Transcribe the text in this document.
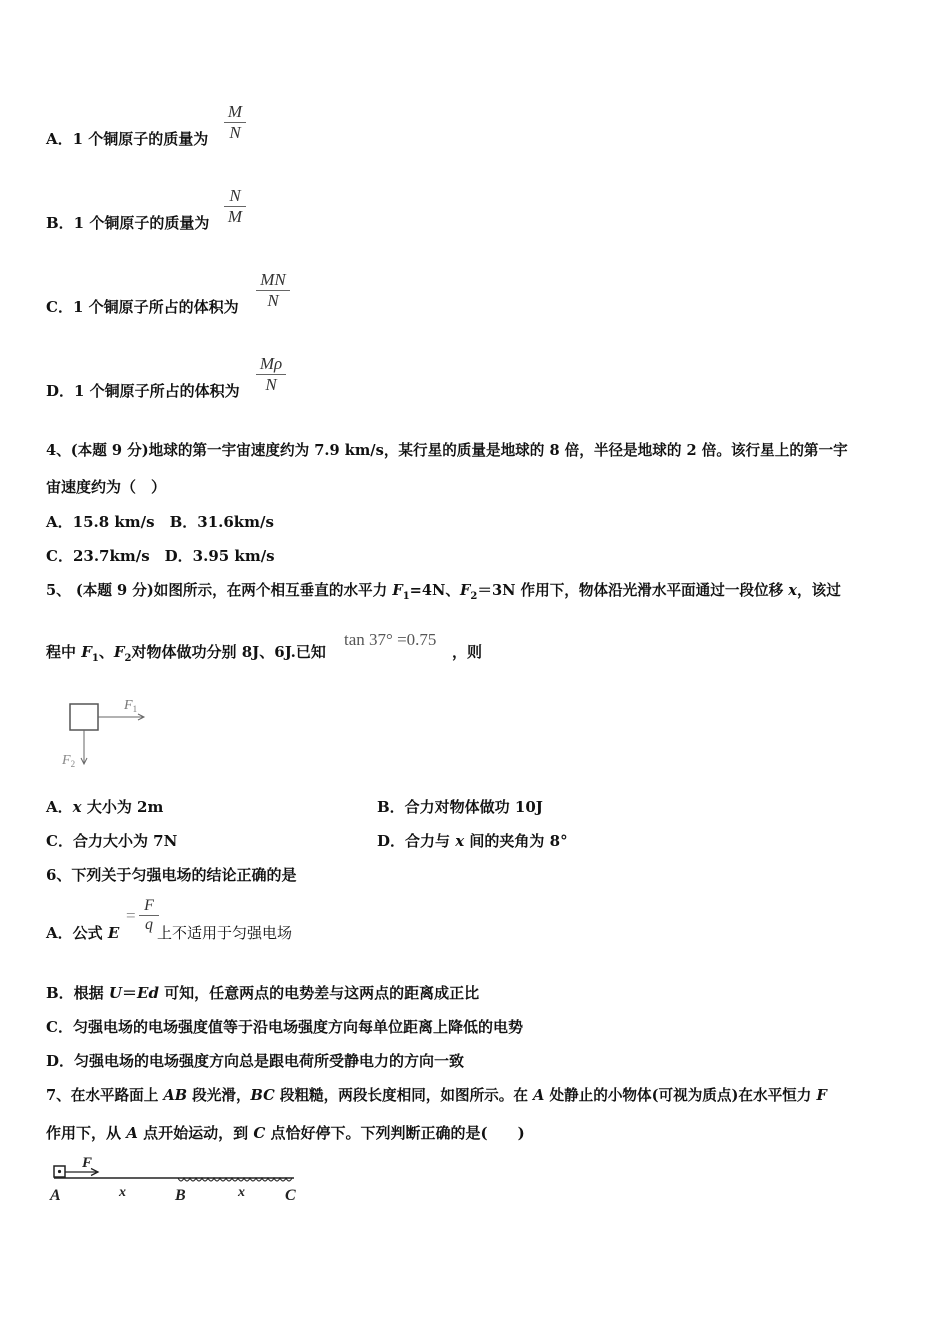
A．1 个铜原子的质量为
M
N
B．1 个铜原子的质量为
N
M
C．1 个铜原子所占的体积为
MN
N
D．1 个铜原子所占的体积为
Mρ
N
4、(本题 9 分)地球的第一宇宙速度约为 7.9 km/s，某行星的质量是地球的 8 倍，半径是地球的 2 倍。该行星上的第一宇
宙速度约为（　）
A．15.8 km/s　B．31.6km/s
C．23.7km/s　D．3.95 km/s
5、 (本题 9 分)如图所示，在两个相互垂直的水平力 $F_1=4N$、$F_2=3N$ 作用下，物体沿光滑水平面通过一段位移 x，该过
程中 $F_1$、$F_2$对物体做功分别 8J、6J.已知
tan 37° =0.75
，则
$F_1$
$F_2$
A．x 大小为 2m	B．合力对物体做功 10J
C．合力大小为 7N	D．合力与 x 间的夹角为 8°
6、下列关于匀强电场的结论正确的是
A．公式 E
=
F
q 上不适用于匀强电场
B．根据 U＝Ed 可知，任意两点的电势差与这两点的距离成正比
C．匀强电场的电场强度值等于沿电场强度方向每单位距离上降低的电势
D．匀强电场的电场强度方向总是跟电荷所受静电力的方向一致
7、在水平路面上 AB 段光滑，BC 段粗糙，两段长度相同，如图所示。在 A 处静止的小物体(可视为质点)在水平恒力 F
作用下，从 A 点开始运动，到 C 点恰好停下。下列判断正确的是(　　)
F
A	x	B	x	C
